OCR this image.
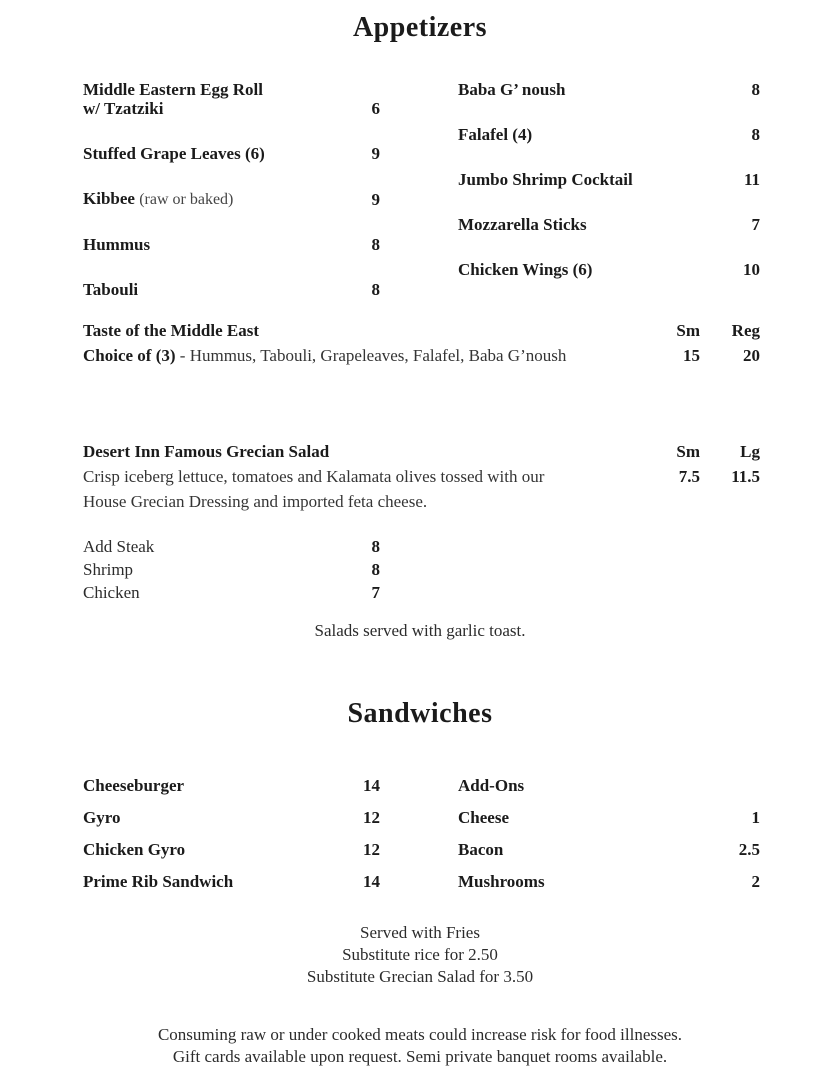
Appetizers
Middle Eastern Egg Roll
w/ Tzatziki	6
Stuffed Grape Leaves (6)	9
Kibbee (raw or baked)	9
Hummus	8
Tabouli	8
Baba G’ noush	8
Falafel (4)	8
Jumbo Shrimp Cocktail	11
Mozzarella Sticks	7
Chicken Wings (6)	10
Taste of the Middle East	Sm	Reg
Choice of (3) - Hummus, Tabouli, Grapeleaves, Falafel, Baba G’noush	15	20
Desert Inn Famous Grecian Salad	Sm	Lg
Crisp iceberg lettuce, tomatoes and Kalamata olives tossed with our	7.5	11.5
House Grecian Dressing and imported feta cheese.
Add Steak	8
Shrimp	8
Chicken	7
Salads served with garlic toast.
Sandwiches
Cheeseburger	14
Gyro	12
Chicken Gyro	12
Prime Rib Sandwich	14
Add-Ons
Cheese	1
Bacon	2.5
Mushrooms	2
Served with Fries
Substitute rice for 2.50
Substitute Grecian Salad for 3.50
Consuming raw or under cooked meats could increase risk for food illnesses.
Gift cards available upon request. Semi private banquet rooms available.
